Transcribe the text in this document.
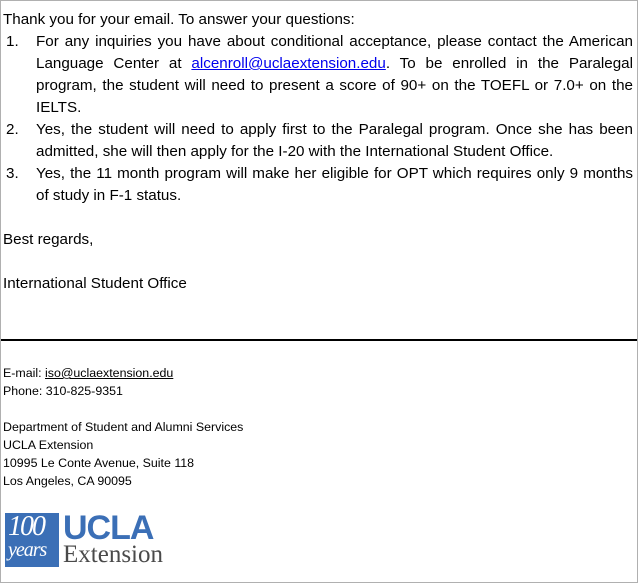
Thank you for your email. To answer your questions:

1. For any inquiries you have about conditional acceptance, please contact the American Language Center at alcenroll@uclaextension.edu. To be enrolled in the Paralegal program, the student will need to present a score of 90+ on the TOEFL or 7.0+ on the IELTS.
2. Yes, the student will need to apply first to the Paralegal program. Once she has been admitted, she will then apply for the I-20 with the International Student Office.
3. Yes, the 11 month program will make her eligible for OPT which requires only 9 months of study in F-1 status.

Best regards,

International Student Office

E-mail: iso@uclaextension.edu
Phone: 310-825-9351
Department of Student and Alumni Services
UCLA Extension
10995 Le Conte Avenue, Suite 118
Los Angeles, CA 90095
100
years
UCLA
Extension
